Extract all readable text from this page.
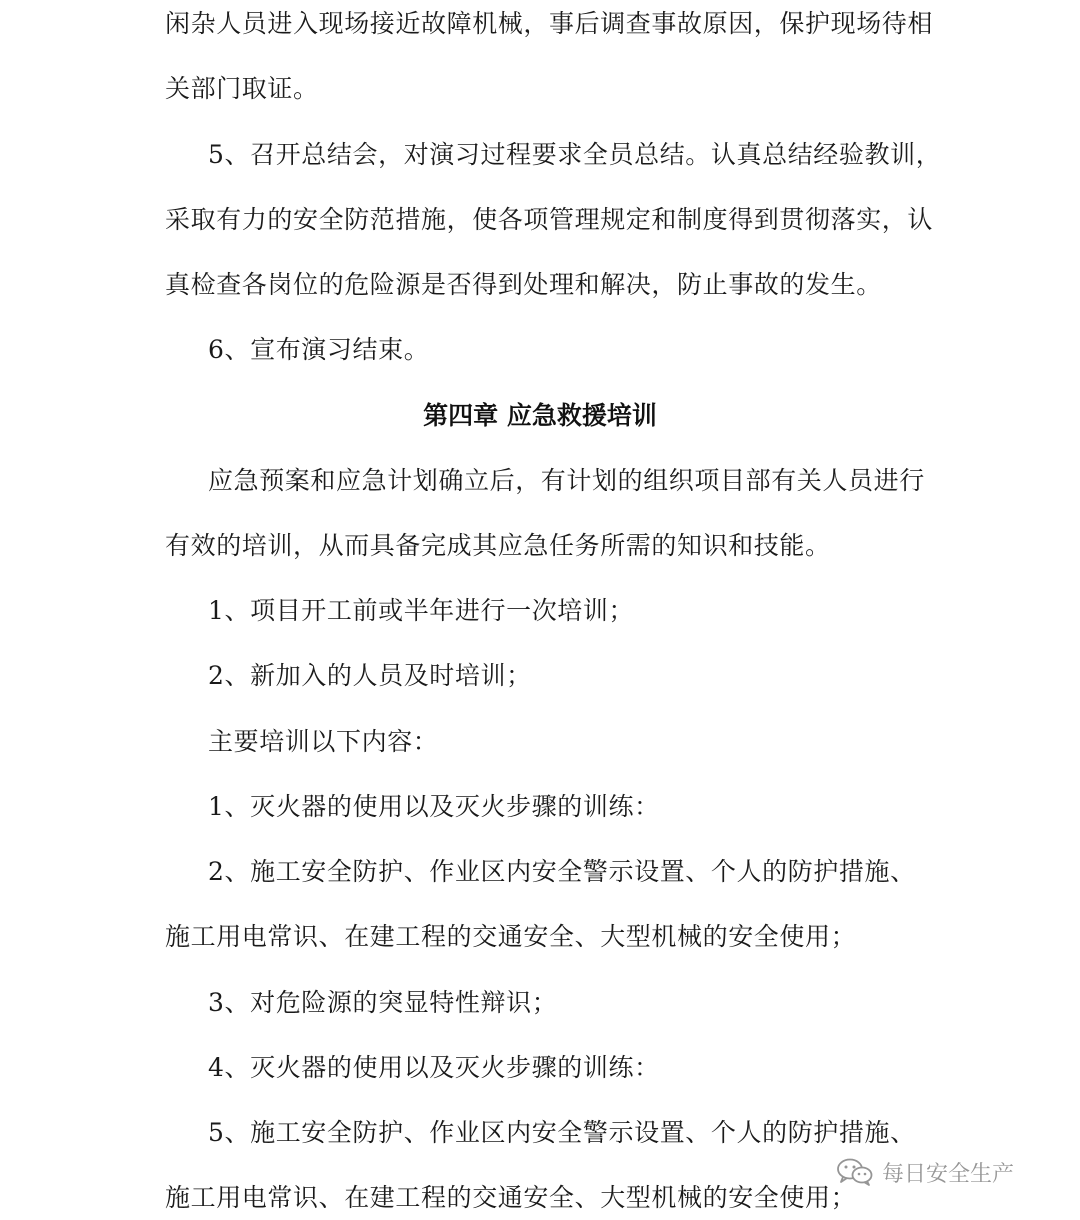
闲杂人员进入现场接近故障机械，事后调查事故原因，保护现场待相
关部门取证。
5、召开总结会，对演习过程要求全员总结。认真总结经验教训，
采取有力的安全防范措施，使各项管理规定和制度得到贯彻落实，认
真检查各岗位的危险源是否得到处理和解决，防止事故的发生。
6、宣布演习结束。
第四章 应急救援培训
应急预案和应急计划确立后，有计划的组织项目部有关人员进行
有效的培训，从而具备完成其应急任务所需的知识和技能。
1、项目开工前或半年进行一次培训；
2、新加入的人员及时培训；
主要培训以下内容：
1、灭火器的使用以及灭火步骤的训练：
2、施工安全防护、作业区内安全警示设置、个人的防护措施、
施工用电常识、在建工程的交通安全、大型机械的安全使用；
3、对危险源的突显特性辩识；
4、灭火器的使用以及灭火步骤的训练：
5、施工安全防护、作业区内安全警示设置、个人的防护措施、
施工用电常识、在建工程的交通安全、大型机械的安全使用；
每日安全生产
